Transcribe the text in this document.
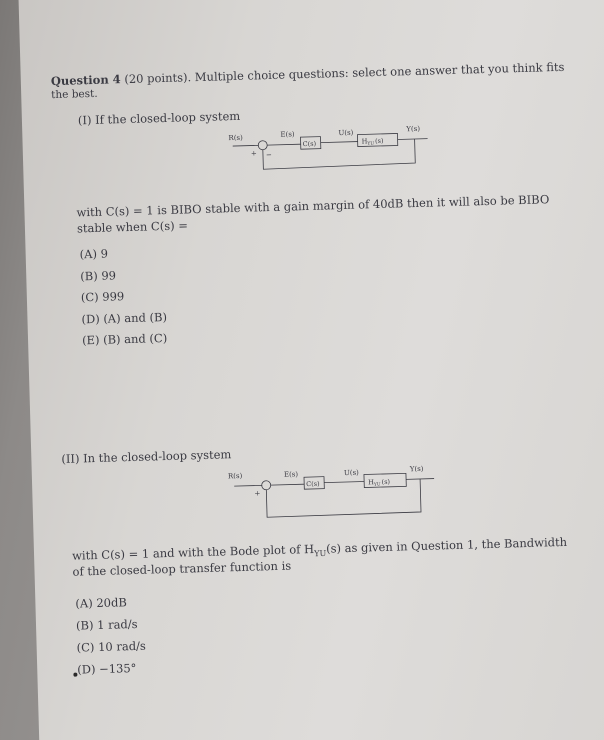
Question 4 (20 points). Multiple choice questions: select one answer that you think fits
the best.
(I) If the closed-loop system
R(s)	E(s)	U(s)	Y(s)
+ −
C(s)	$H_{YU}(s)$
with C(s) = 1 is BIBO stable with a gain margin of 40dB then it will also be BIBO
stable when C(s) =
(A) 9
(B) 99
(C) 999
(D) (A) and (B)
(E) (B) and (C)
(II) In the closed-loop system
R(s)	E(s)	U(s)	Y(s)
+
C(s)	$H_{YU}(s)$
with C(s) = 1 and with the Bode plot of $H_{YU}(s)$ as given in Question 1, the Bandwidth
of the closed-loop transfer function is
(A) 20dB
(B) 1 rad/s
(C) 10 rad/s
(D) −135°
